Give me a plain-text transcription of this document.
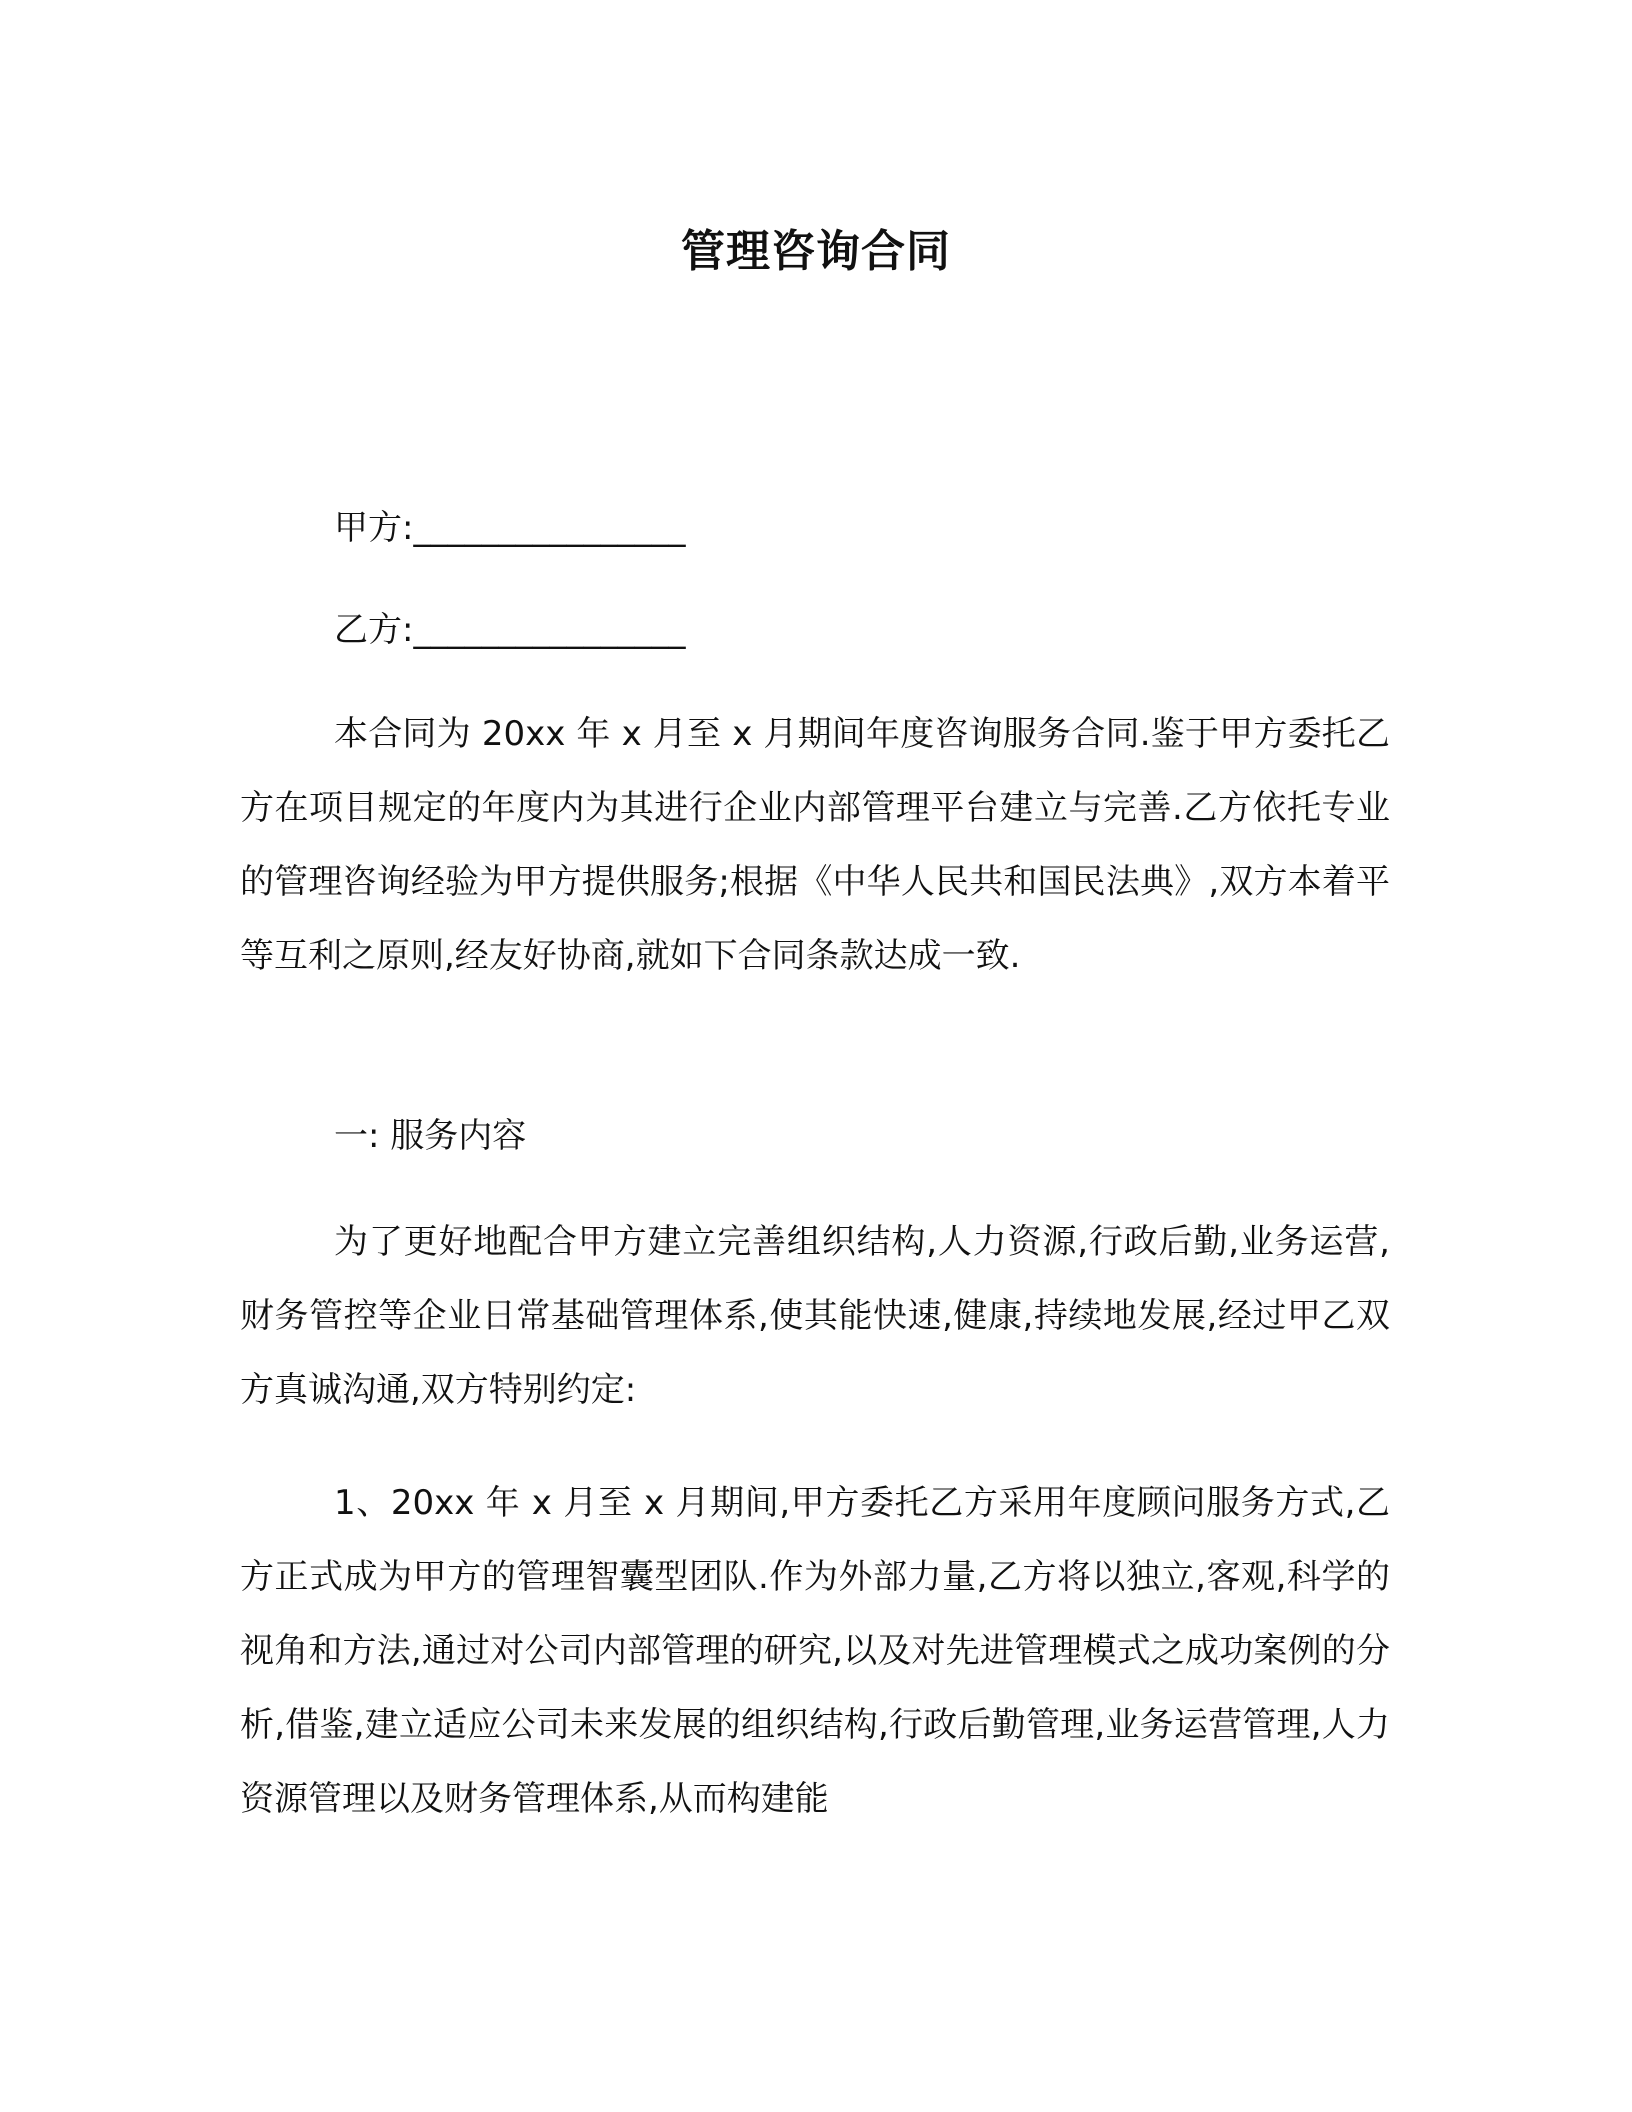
管理咨询合同
甲方:________________
乙方:________________

本合同为 20xx 年 x 月至 x 月期间年度咨询服务合同.鉴于甲方委托乙方在项目规定的年度内为其进行企业内部管理平台建立与完善.乙方依托专业的管理咨询经验为甲方提供服务;根据《中华人民共和国民法典》,双方本着平等互利之原则,经友好协商,就如下合同条款达成一致.

一: 服务内容

为了更好地配合甲方建立完善组织结构,人力资源,行政后勤,业务运营,财务管控等企业日常基础管理体系,使其能快速,健康,持续地发展,经过甲乙双方真诚沟通,双方特别约定:

1、20xx 年 x 月至 x 月期间,甲方委托乙方采用年度顾问服务方式,乙方正式成为甲方的管理智囊型团队.作为外部力量,乙方将以独立,客观,科学的视角和方法,通过对公司内部管理的研究,以及对先进管理模式之成功案例的分析,借鉴,建立适应公司未来发展的组织结构,行政后勤管理,业务运营管理,人力资源管理以及财务管理体系,从而构建能
